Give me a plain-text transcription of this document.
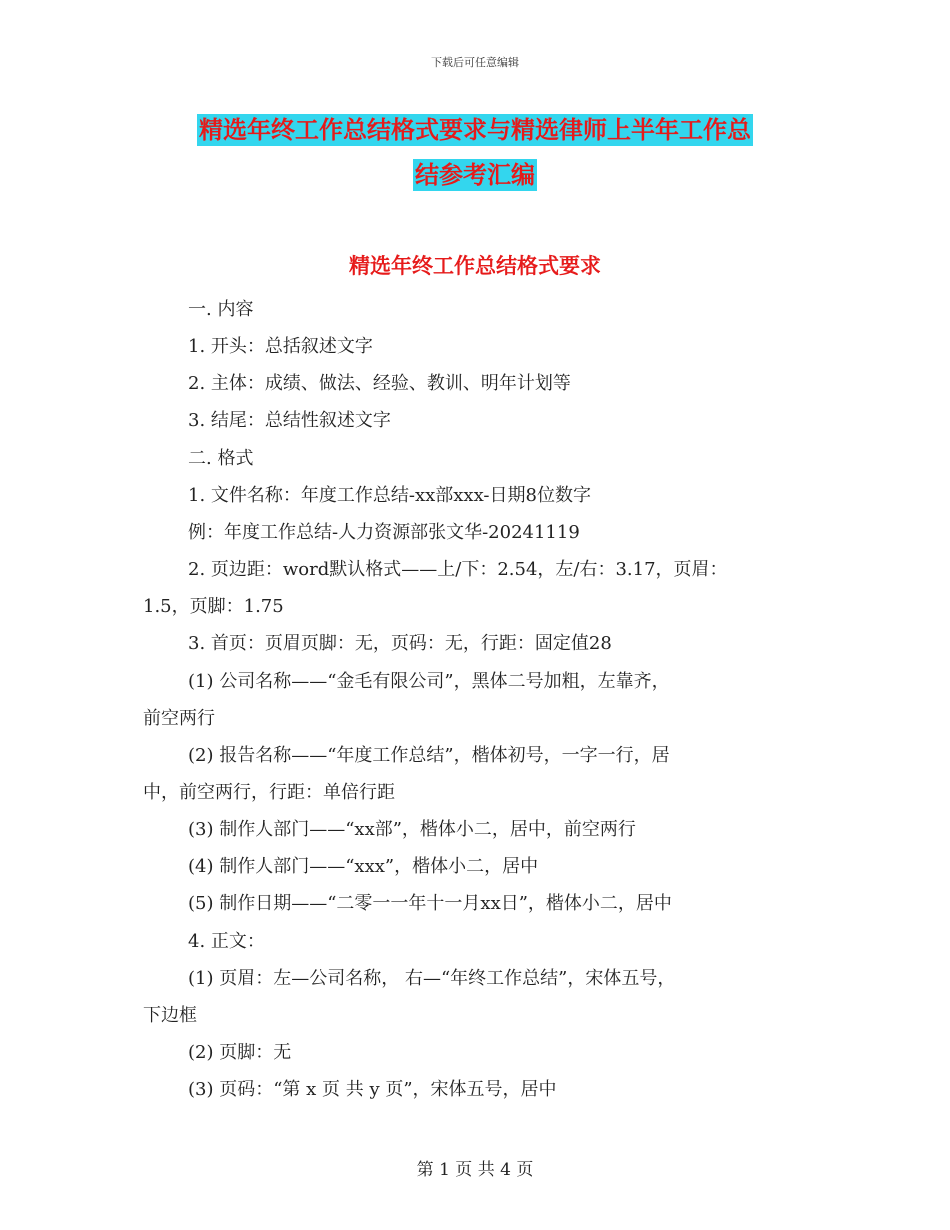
下载后可任意编辑
精选年终工作总结格式要求与精选律师上半年工作总
结参考汇编
精选年终工作总结格式要求
一. 内容
1. 开头：总括叙述文字
2. 主体：成绩、做法、经验、教训、明年计划等
3. 结尾：总结性叙述文字
二. 格式
1. 文件名称：年度工作总结-xx部xxx-日期8位数字
例：年度工作总结-人力资源部张文华-20241119
2. 页边距：word默认格式——上/下：2.54，左/右：3.17，页眉：
1.5，页脚：1.75
3. 首页：页眉页脚：无，页码：无，行距：固定值28
(1) 公司名称——“金毛有限公司”，黑体二号加粗，左靠齐，
前空两行
(2) 报告名称——“年度工作总结”，楷体初号，一字一行，居
中，前空两行，行距：单倍行距
(3) 制作人部门——“xx部”，楷体小二，居中，前空两行
(4) 制作人部门——“xxx”，楷体小二，居中
(5) 制作日期——“二零一一年十一月xx日”，楷体小二，居中
4. 正文：
(1) 页眉：左—公司名称， 右—“年终工作总结”，宋体五号，
下边框
(2) 页脚：无
(3) 页码：“第 x 页 共 y 页”，宋体五号，居中
第 1 页 共 4 页
